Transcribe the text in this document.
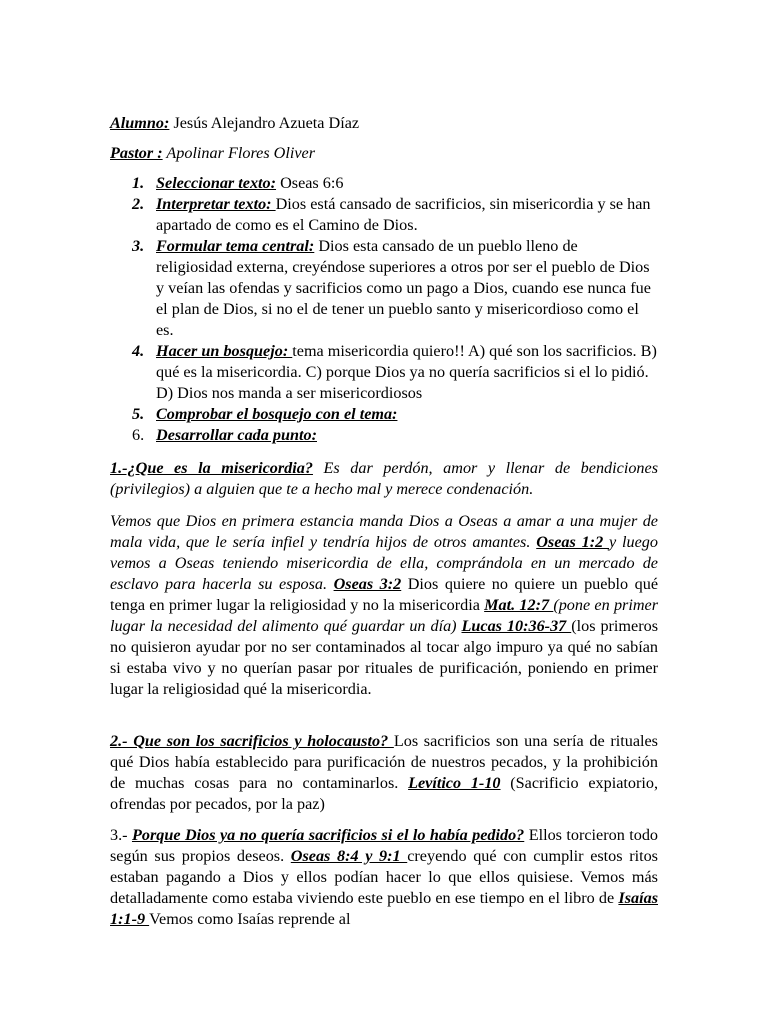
Alumno: Jesús Alejandro Azueta Díaz

Pastor : Apolinar Flores Oliver

1. Seleccionar texto: Oseas 6:6
2. Interpretar texto: Dios está cansado de sacrificios, sin misericordia y se han apartado de como es el Camino de Dios.
3. Formular tema central: Dios esta cansado de un pueblo lleno de religiosidad externa, creyéndose superiores a otros por ser el pueblo de Dios y veían las ofendas y sacrificios como un pago a Dios, cuando ese nunca fue el plan de Dios, si no el de tener un pueblo santo y misericordioso como el es.
4. Hacer un bosquejo: tema misericordia quiero!! A) qué son los sacrificios. B) qué es la misericordia. C) porque Dios ya no quería sacrificios si el lo pidió. D) Dios nos manda a ser misericordiosos
5. Comprobar el bosquejo con el tema:
6. Desarrollar cada punto:

1.-¿Que es la misericordia? Es dar perdón, amor y llenar de bendiciones (privilegios) a alguien que te a hecho mal y merece condenación.

Vemos que Dios en primera estancia manda Dios a Oseas a amar a una mujer de mala vida, que le sería infiel y tendría hijos de otros amantes. Oseas 1:2 y luego vemos a Oseas teniendo misericordia de ella, comprándola en un mercado de esclavo para hacerla su esposa. Oseas 3:2 Dios quiere no quiere un pueblo qué tenga en primer lugar la religiosidad y no la misericordia Mat. 12:7 (pone en primer lugar la necesidad del alimento qué guardar un día) Lucas 10:36-37 (los primeros no quisieron ayudar por no ser contaminados al tocar algo impuro ya qué no sabían si estaba vivo y no querían pasar por rituales de purificación, poniendo en primer lugar la religiosidad qué la misericordia.

2.- Que son los sacrificios y holocausto? Los sacrificios son una sería de rituales qué Dios había establecido para purificación de nuestros pecados, y la prohibición de muchas cosas para no contaminarlos. Levítico 1-10 (Sacrificio expiatorio, ofrendas por pecados, por la paz)

3.- Porque Dios ya no quería sacrificios si el lo había pedido? Ellos torcieron todo según sus propios deseos. Oseas 8:4 y 9:1 creyendo qué con cumplir estos ritos estaban pagando a Dios y ellos podían hacer lo que ellos quisiese. Vemos más detalladamente como estaba viviendo este pueblo en ese tiempo en el libro de Isaías 1:1-9 Vemos como Isaías reprende al
